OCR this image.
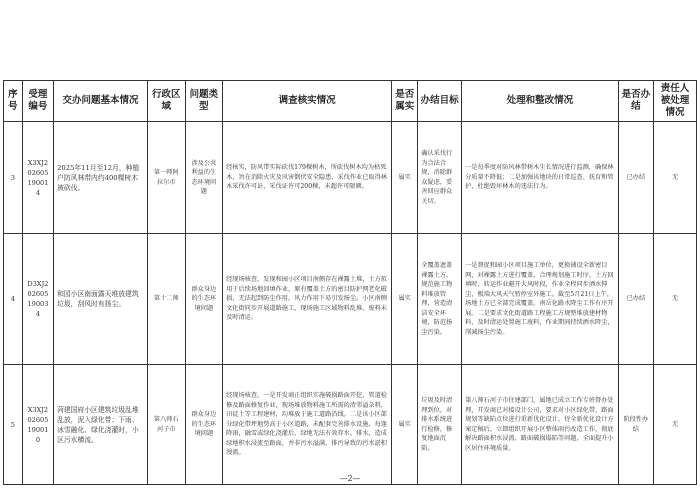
序号	受理编号	交办问题基本情况	行政区域	问题类型	调查核实情况	是否属实	办结目标	处理和整改情况	是否办结	责任人被处理情况
3	X3XJ202605190014	2025年11月至12月，种植户防风林带内约400棵树木被砍伐。	第一师阿拉尔市	涉及公共利益的生态环境问题	经核实，防风带实际砍伐179棵树木，所砍伐树木均为枯死木，旨在消除火灾及风害倒伏安全隐患，采伐作业已取得林木采伐许可证，采伐证许可200棵，未超许可限额。	属实	确认采伐行为合法合规，消除群众疑虑，妥善回应群众关切。	一是每季度对防风林带树木生长情况进行监测，确保林分质量不降低；二是加强该地块的日常巡查、抚育和管护，杜绝毁坏林木的违法行为。	已办结	无
4	D3XJ202605190034	和园小区南面露天堆放建筑垃圾，刮风时有扬尘。	第十二师	群众身边的生态环境问题	经现场核查，发现和园小区项目南侧存在裸露土堆，土方拟用于后续场地回填作业，原有覆盖土方的密目防护网老化破损，无法起到防尘作用，风力作用下易引发扬尘。小区南侧文化街同步开展道路施工，现场施工区域物料乱堆、废料未及时清运。	属实	全覆盖遮盖裸露土方，规范施工物料堆放管理，营造清洁安全环境，防范扬尘污染。	一是督促和园小区项目施工单位，更换铺设全新密目网，对裸露土方进行覆盖，合理规划施工时序，土方回填时，转运作业避开大风时段，作业全程同步洒水抑尘，极端大风天气暂停室外施工。截至5月21日上午，场地土方已全部完成覆盖。南岳化路水降尘工作有序开展。二是要求文化街道路工程施工方规整堆放建材物料，及时清运处置施工废料，作业期间持续洒水降尘，削减扬尘污染。	已办结	无
5	X3XJ202605190010	菏建国府小区建筑垃圾乱堆乱放，泥入绿化带；下雨、冰雪融化、绿化浇灌时，小区污水横流。	第八师石河子市	群众身边的生态环境问题	经现场核查，一是开发商正组织实施破损路面开挖，管道检修及路面修复作业，现场堆放物料施工所需的渣邻溢杂料，田徒土等工程建材，均堆放于施工道路沿线。二是该小区部分绿化带坪地势高于小区道路，未配套完善排水设施，每逢降雨，融雪或绿化浇灌后，绿地无法有效存水、排水，造成绿地积水浸流至路面，并非污水溢满，排污导致的污水淤积漫流。	属实	垃圾及时清理到位，对排水系统进行检修，修复地面沉陷。	第八师石河子市住建部门，属地已成立工作专班督办处理，开发商已对接设计公司，要求对小区绿化带、路面规划等缺陷点位进行重新优化设计，待全新优化设计方案定稿后，立即组织开展小区整体雨污改造工作，彻底解决路面积水浸流、路面破损塌陷等问题，全面提升小区居住环境质量。	阶段性办结	无
—2—
